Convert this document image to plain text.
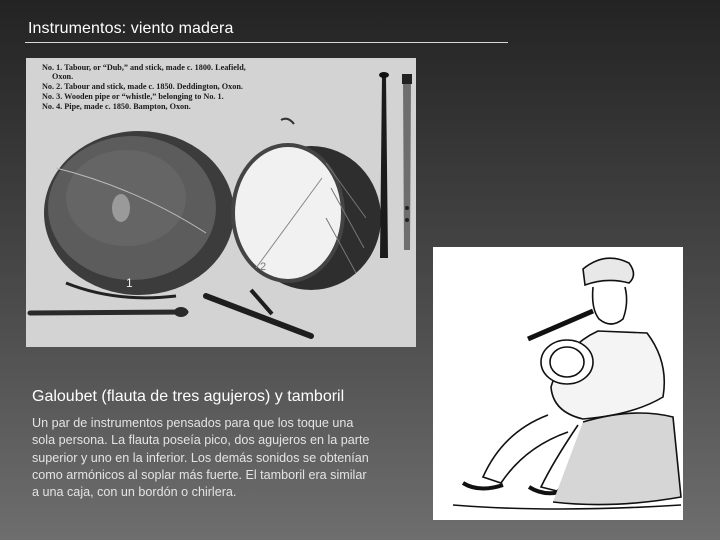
Instrumentos: viento madera
No. 1. Tabour, or “Dub,” and stick, made c. 1800. Leafield,
Oxon.
No. 2. Tabour and stick, made c. 1850. Deddington, Oxon.
No. 3. Wooden pipe or “whistle,” belonging to No. 1.
No. 4. Pipe, made c. 1850. Bampton, Oxon.
1
2
Galoubet (flauta de tres agujeros) y tamboril
Un par de instrumentos pensados para que los toque una sola persona. La flauta poseía pico, dos agujeros en la parte superior y uno en la inferior. Los demás sonidos se obtenían como armónicos al soplar más fuerte. El tamboril era similar a una caja, con un bordón o chirlera.
